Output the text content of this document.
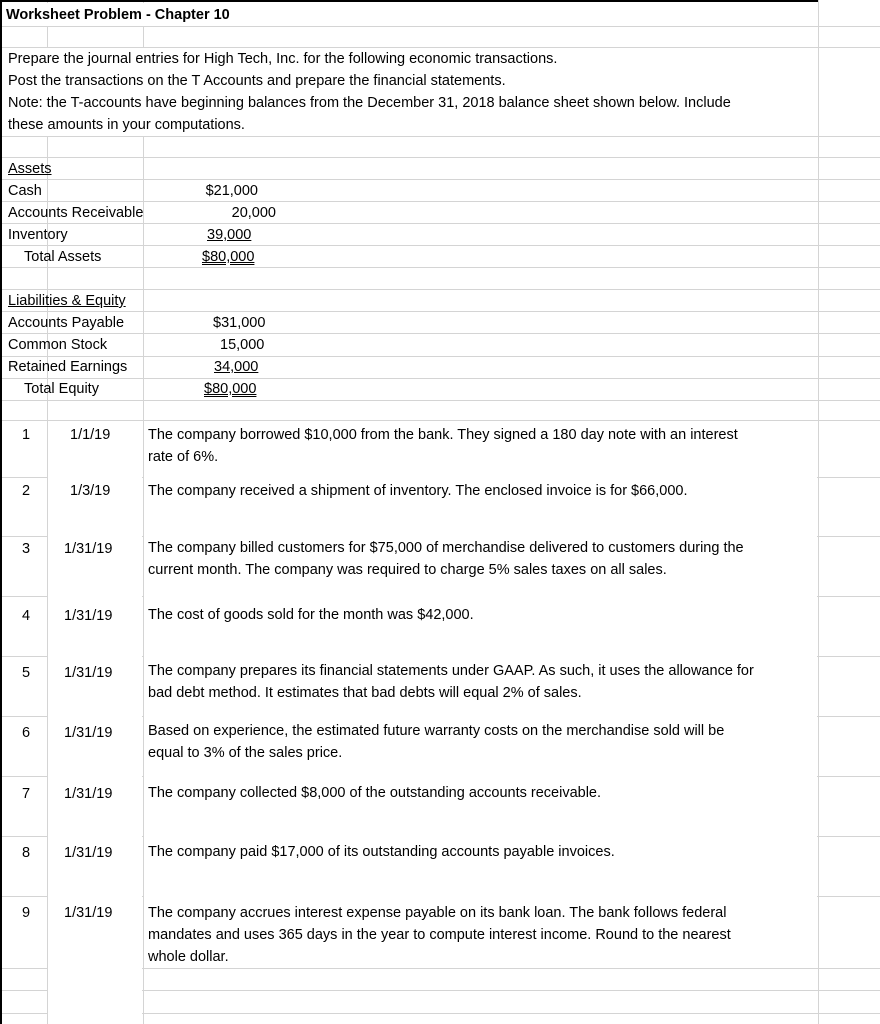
Worksheet Problem - Chapter 10
Prepare the journal entries for High Tech, Inc. for the following economic transactions.
Post the transactions on the T Accounts and prepare the financial statements.
Note: the T-accounts have beginning balances from the December 31, 2018 balance sheet shown below. Include
these amounts in your computations.
Assets
Cash	$21,000
Accounts Receivable	20,000
Inventory	39,000
Total Assets	$80,000
Liabilities & Equity
Accounts Payable	$31,000
Common Stock	15,000
Retained Earnings	34,000
Total Equity	$80,000
1	1/1/19	The company borrowed $10,000 from the bank. They signed a 180 day note with an interest
rate of 6%.
2	1/3/19	The company received a shipment of inventory. The enclosed invoice is for $66,000.
3 1/31/19 The company billed customers for $75,000 of merchandise delivered to customers during the
current month. The company was required to charge 5% sales taxes on all sales.
4 1/31/19 The cost of goods sold for the month was $42,000.
5 1/31/19 The company prepares its financial statements under GAAP. As such, it uses the allowance for
bad debt method. It estimates that bad debts will equal 2% of sales.
6 1/31/19 Based on experience, the estimated future warranty costs on the merchandise sold will be
equal to 3% of the sales price.
7 1/31/19 The company collected $8,000 of the outstanding accounts receivable.
8 1/31/19 The company paid $17,000 of its outstanding accounts payable invoices.
9 1/31/19 The company accrues interest expense payable on its bank loan. The bank follows federal
mandates and uses 365 days in the year to compute interest income. Round to the nearest
whole dollar.
